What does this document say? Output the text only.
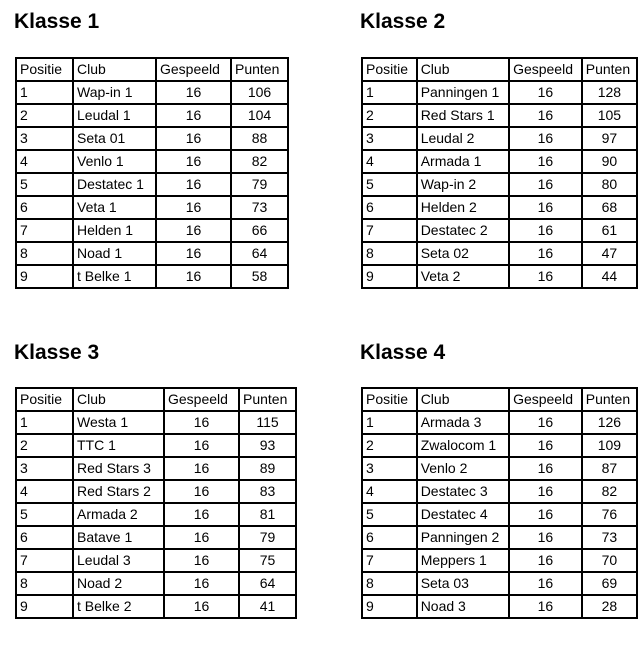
Klasse 1
Positie	Club	Gespeeld	Punten
1	Wap-in 1	16	106
2	Leudal 1	16	104
3	Seta 01	16	88
4	Venlo 1	16	82
5	Destatec 1	16	79
6	Veta 1	16	73
7	Helden 1	16	66
8	Noad 1	16	64
9	t Belke 1	16	58
Klasse 2
Positie	Club	Gespeeld	Punten
1	Panningen 1	16	128
2	Red Stars 1	16	105
3	Leudal 2	16	97
4	Armada 1	16	90
5	Wap-in 2	16	80
6	Helden 2	16	68
7	Destatec 2	16	61
8	Seta 02	16	47
9	Veta 2	16	44
Klasse 3
Positie	Club	Gespeeld	Punten
1	Westa 1	16	115
2	TTC 1	16	93
3	Red Stars 3	16	89
4	Red Stars 2	16	83
5	Armada 2	16	81
6	Batave 1	16	79
7	Leudal 3	16	75
8	Noad 2	16	64
9	t Belke 2	16	41
Klasse 4
Positie	Club	Gespeeld	Punten
1	Armada 3	16	126
2	Zwalocom 1	16	109
3	Venlo 2	16	87
4	Destatec 3	16	82
5	Destatec 4	16	76
6	Panningen 2	16	73
7	Meppers 1	16	70
8	Seta 03	16	69
9	Noad 3	16	28
